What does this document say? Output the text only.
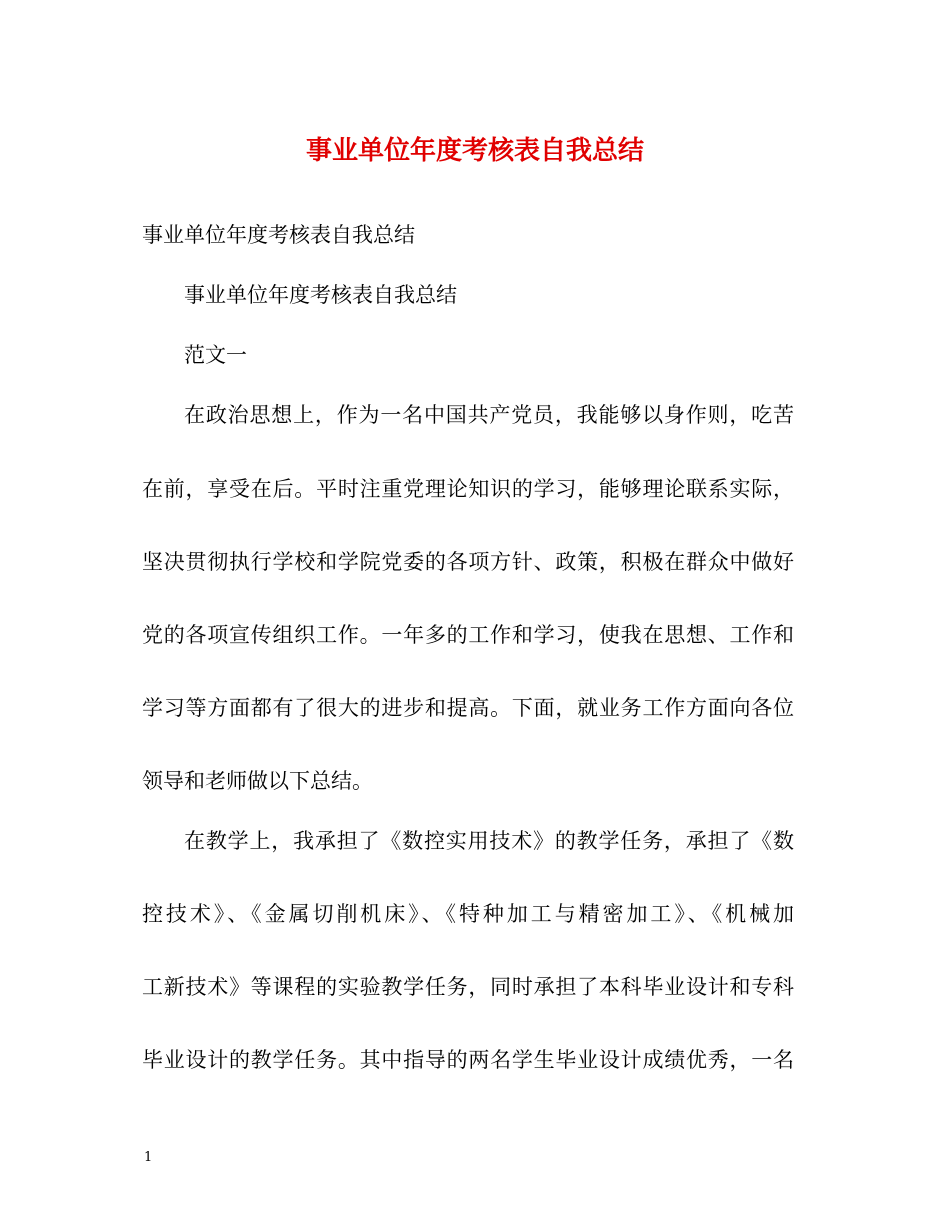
事业单位年度考核表自我总结
事业单位年度考核表自我总结
事业单位年度考核表自我总结
范文一
在政治思想上，作为一名中国共产党员，我能够以身作则，吃苦
在前，享受在后。平时注重党理论知识的学习，能够理论联系实际，
坚决贯彻执行学校和学院党委的各项方针、政策，积极在群众中做好
党的各项宣传组织工作。一年多的工作和学习，使我在思想、工作和
学习等方面都有了很大的进步和提高。下面，就业务工作方面向各位
领导和老师做以下总结。
在教学上，我承担了《数控实用技术》的教学任务，承担了《数
控技术》、《金属切削机床》、《特种加工与精密加工》、《机械加
工新技术》等课程的实验教学任务，同时承担了本科毕业设计和专科
毕业设计的教学任务。其中指导的两名学生毕业设计成绩优秀，一名
1
